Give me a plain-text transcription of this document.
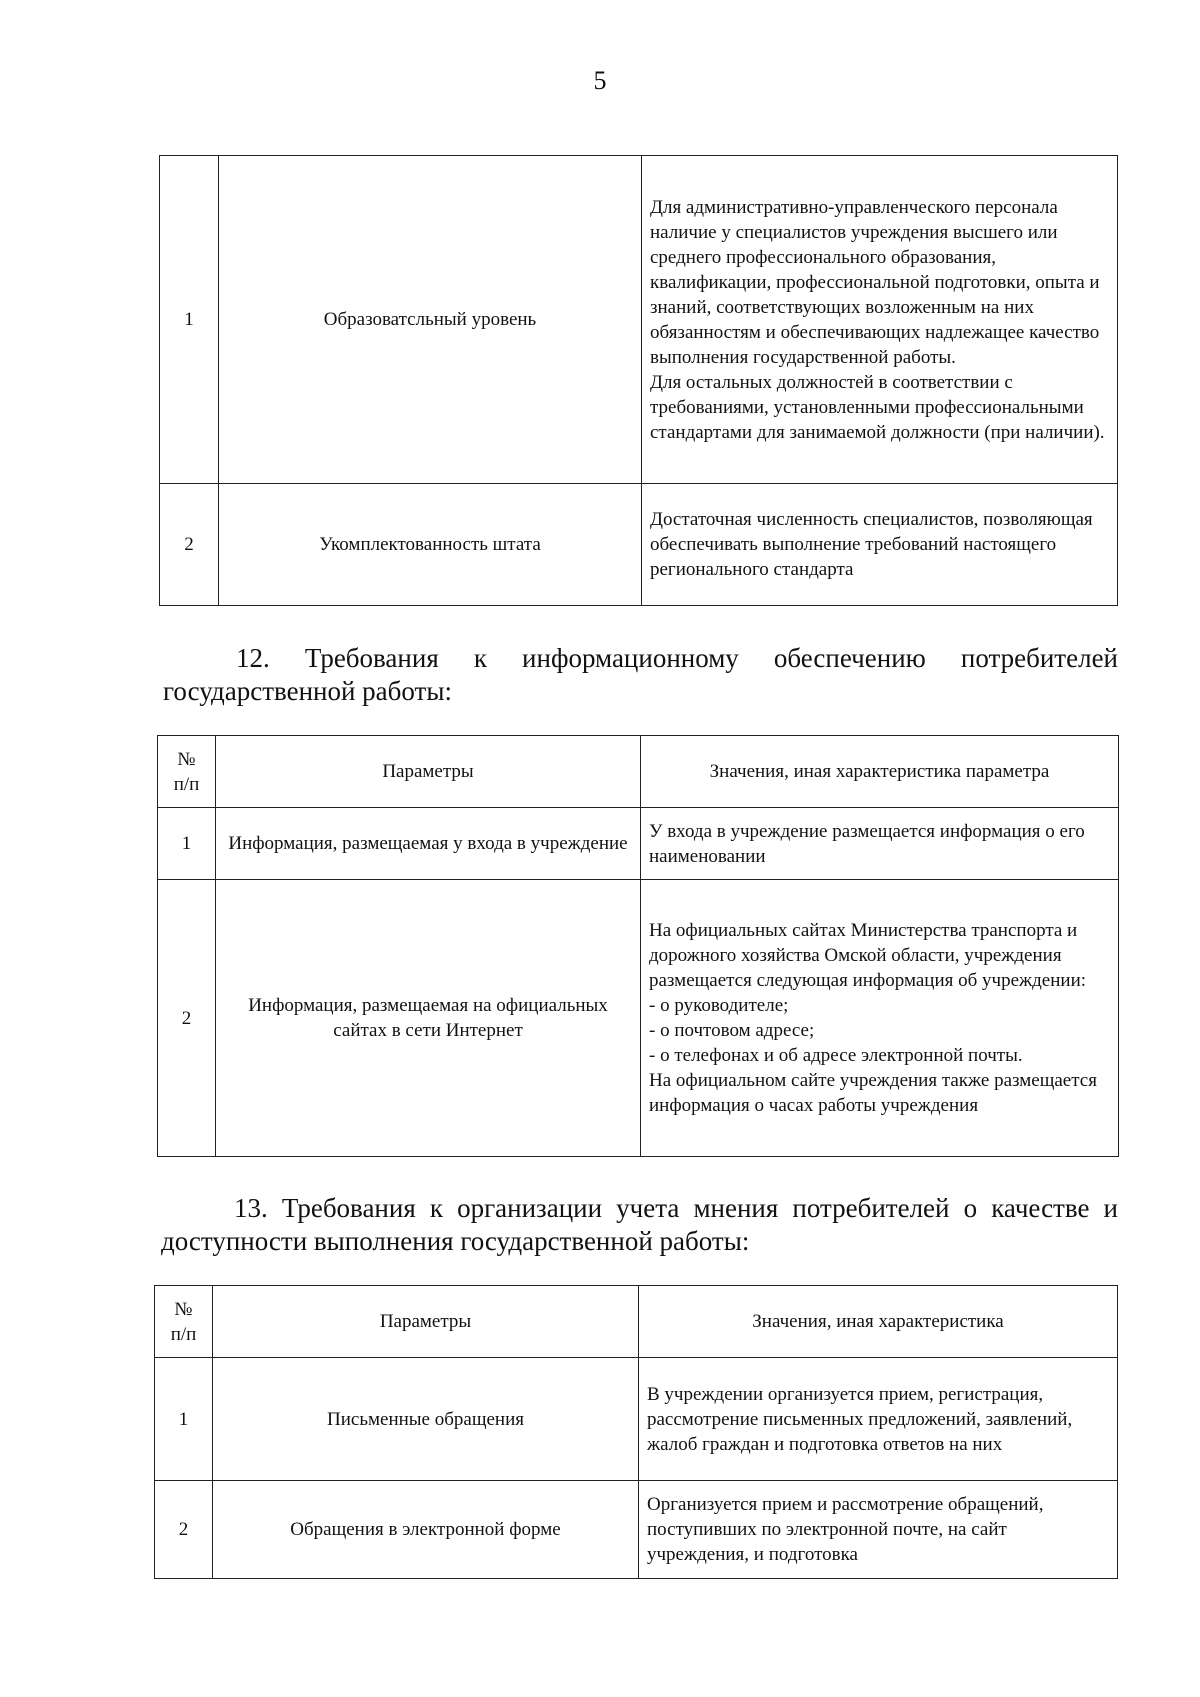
5
1	Образоватсльный уровень	Для административно-управленческого персонала наличие у специалистов учреждения высшего или среднего профессионального образования, квалификации, профессиональной подготовки, опыта и знаний, соответствующих возложенным на них обязанностям и обеспечивающих надлежащее качество выполнения государственной работы.
Для остальных должностей в соответствии с требованиями, установленными профессиональными стандартами для занимаемой должности (при наличии).
2	Укомплектованность штата	Достаточная численность специалистов, позволяющая обеспечивать выполнение требований настоящего регионального стандарта

12. Требования к информационному обеспечению потребителей государственной работы:

№ п/п	Параметры	Значения, иная характеристика параметра
1	Информация, размещаемая у входа в учреждение	У входа в учреждение размещается информация о его наименовании
2	Информация, размещаемая на официальных сайтах в сети Интернет	На официальных сайтах Министерства транспорта и дорожного хозяйства Омской области, учреждения размещается следующая информация об учреждении:
- о руководителе;
- о почтовом адресе;
- о телефонах и об адресе электронной почты.
На официальном сайте учреждения также размещается информация о часах работы учреждения

13. Требования к организации учета мнения потребителей о качестве и доступности выполнения государственной работы:

№ п/п	Параметры	Значения, иная характеристика
1	Письменные обращения	В учреждении организуется прием, регистрация, рассмотрение письменных предложений, заявлений, жалоб граждан и подготовка ответов на них
2	Обращения в электронной форме	Организуется прием и рассмотрение обращений, поступивших по электронной почте, на сайт учреждения, и подготовка
